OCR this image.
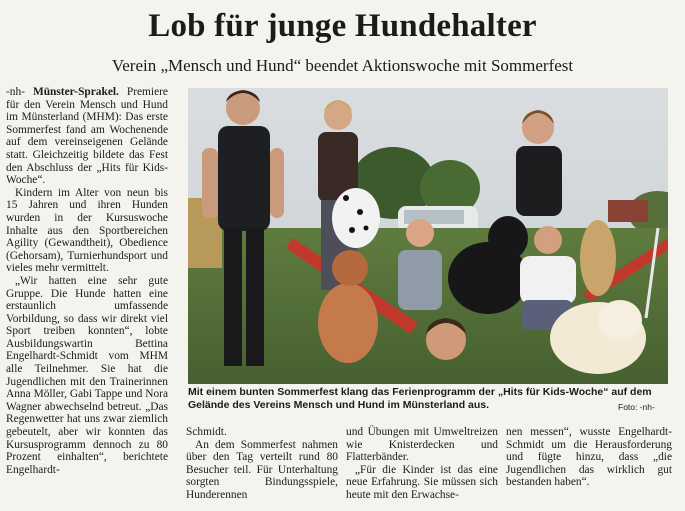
Lob für junge Hundehalter
Verein „Mensch und Hund“ beendet Aktionswoche mit Sommerfest

-nh- Münster-Sprakel. Premiere für den Verein Mensch und Hund im Münsterland (MHM): Das erste Sommerfest fand am Wochenende auf dem vereinseigenen Gelände statt. Gleichzeitig bildete das Fest den Abschluss der „Hits für Kids-Woche“.

Kindern im Alter von neun bis 15 Jahren und ihren Hunden wurden in der Kursuswoche Inhalte aus den Sportbereichen Agility (Gewandtheit), Obedience (Gehorsam), Turnierhundsport und vieles mehr vermittelt.

„Wir hatten eine sehr gute Gruppe. Die Hunde hatten eine erstaunlich umfassende Vorbildung, so dass wir direkt viel Sport treiben konnten“, lobte Ausbildungswartin Bettina Engelhardt-Schmidt vom MHM alle Teilnehmer. Sie hat die Jugendlichen mit den Trainerinnen Anna Möller, Gabi Tappe und Nora Wagner abwechselnd betreut. „Das Regenwetter hat uns zwar ziemlich gebeutelt, aber wir konnten das Kursusprogramm dennoch zu 80 Prozent einhalten“, berichtete Engelhardt-

Mit einem bunten Sommerfest klang das Ferienprogramm der „Hits für Kids-Woche“ auf dem Gelände des Vereins Mensch und Hund im Münsterland aus.	Foto: -nh-

Schmidt.

An dem Sommerfest nahmen über den Tag verteilt rund 80 Besucher teil. Für Unterhaltung sorgten Bindungsspiele, Hunderennen

und Übungen mit Umweltreizen wie Knisterdecken und Flatterbänder.

„Für die Kinder ist das eine neue Erfahrung. Sie müssen sich heute mit den Erwachse-

nen messen“, wusste Engelhardt-Schmidt um die Herausforderung und fügte hinzu, dass „die Jugendlichen das wirklich gut bestanden haben“.
